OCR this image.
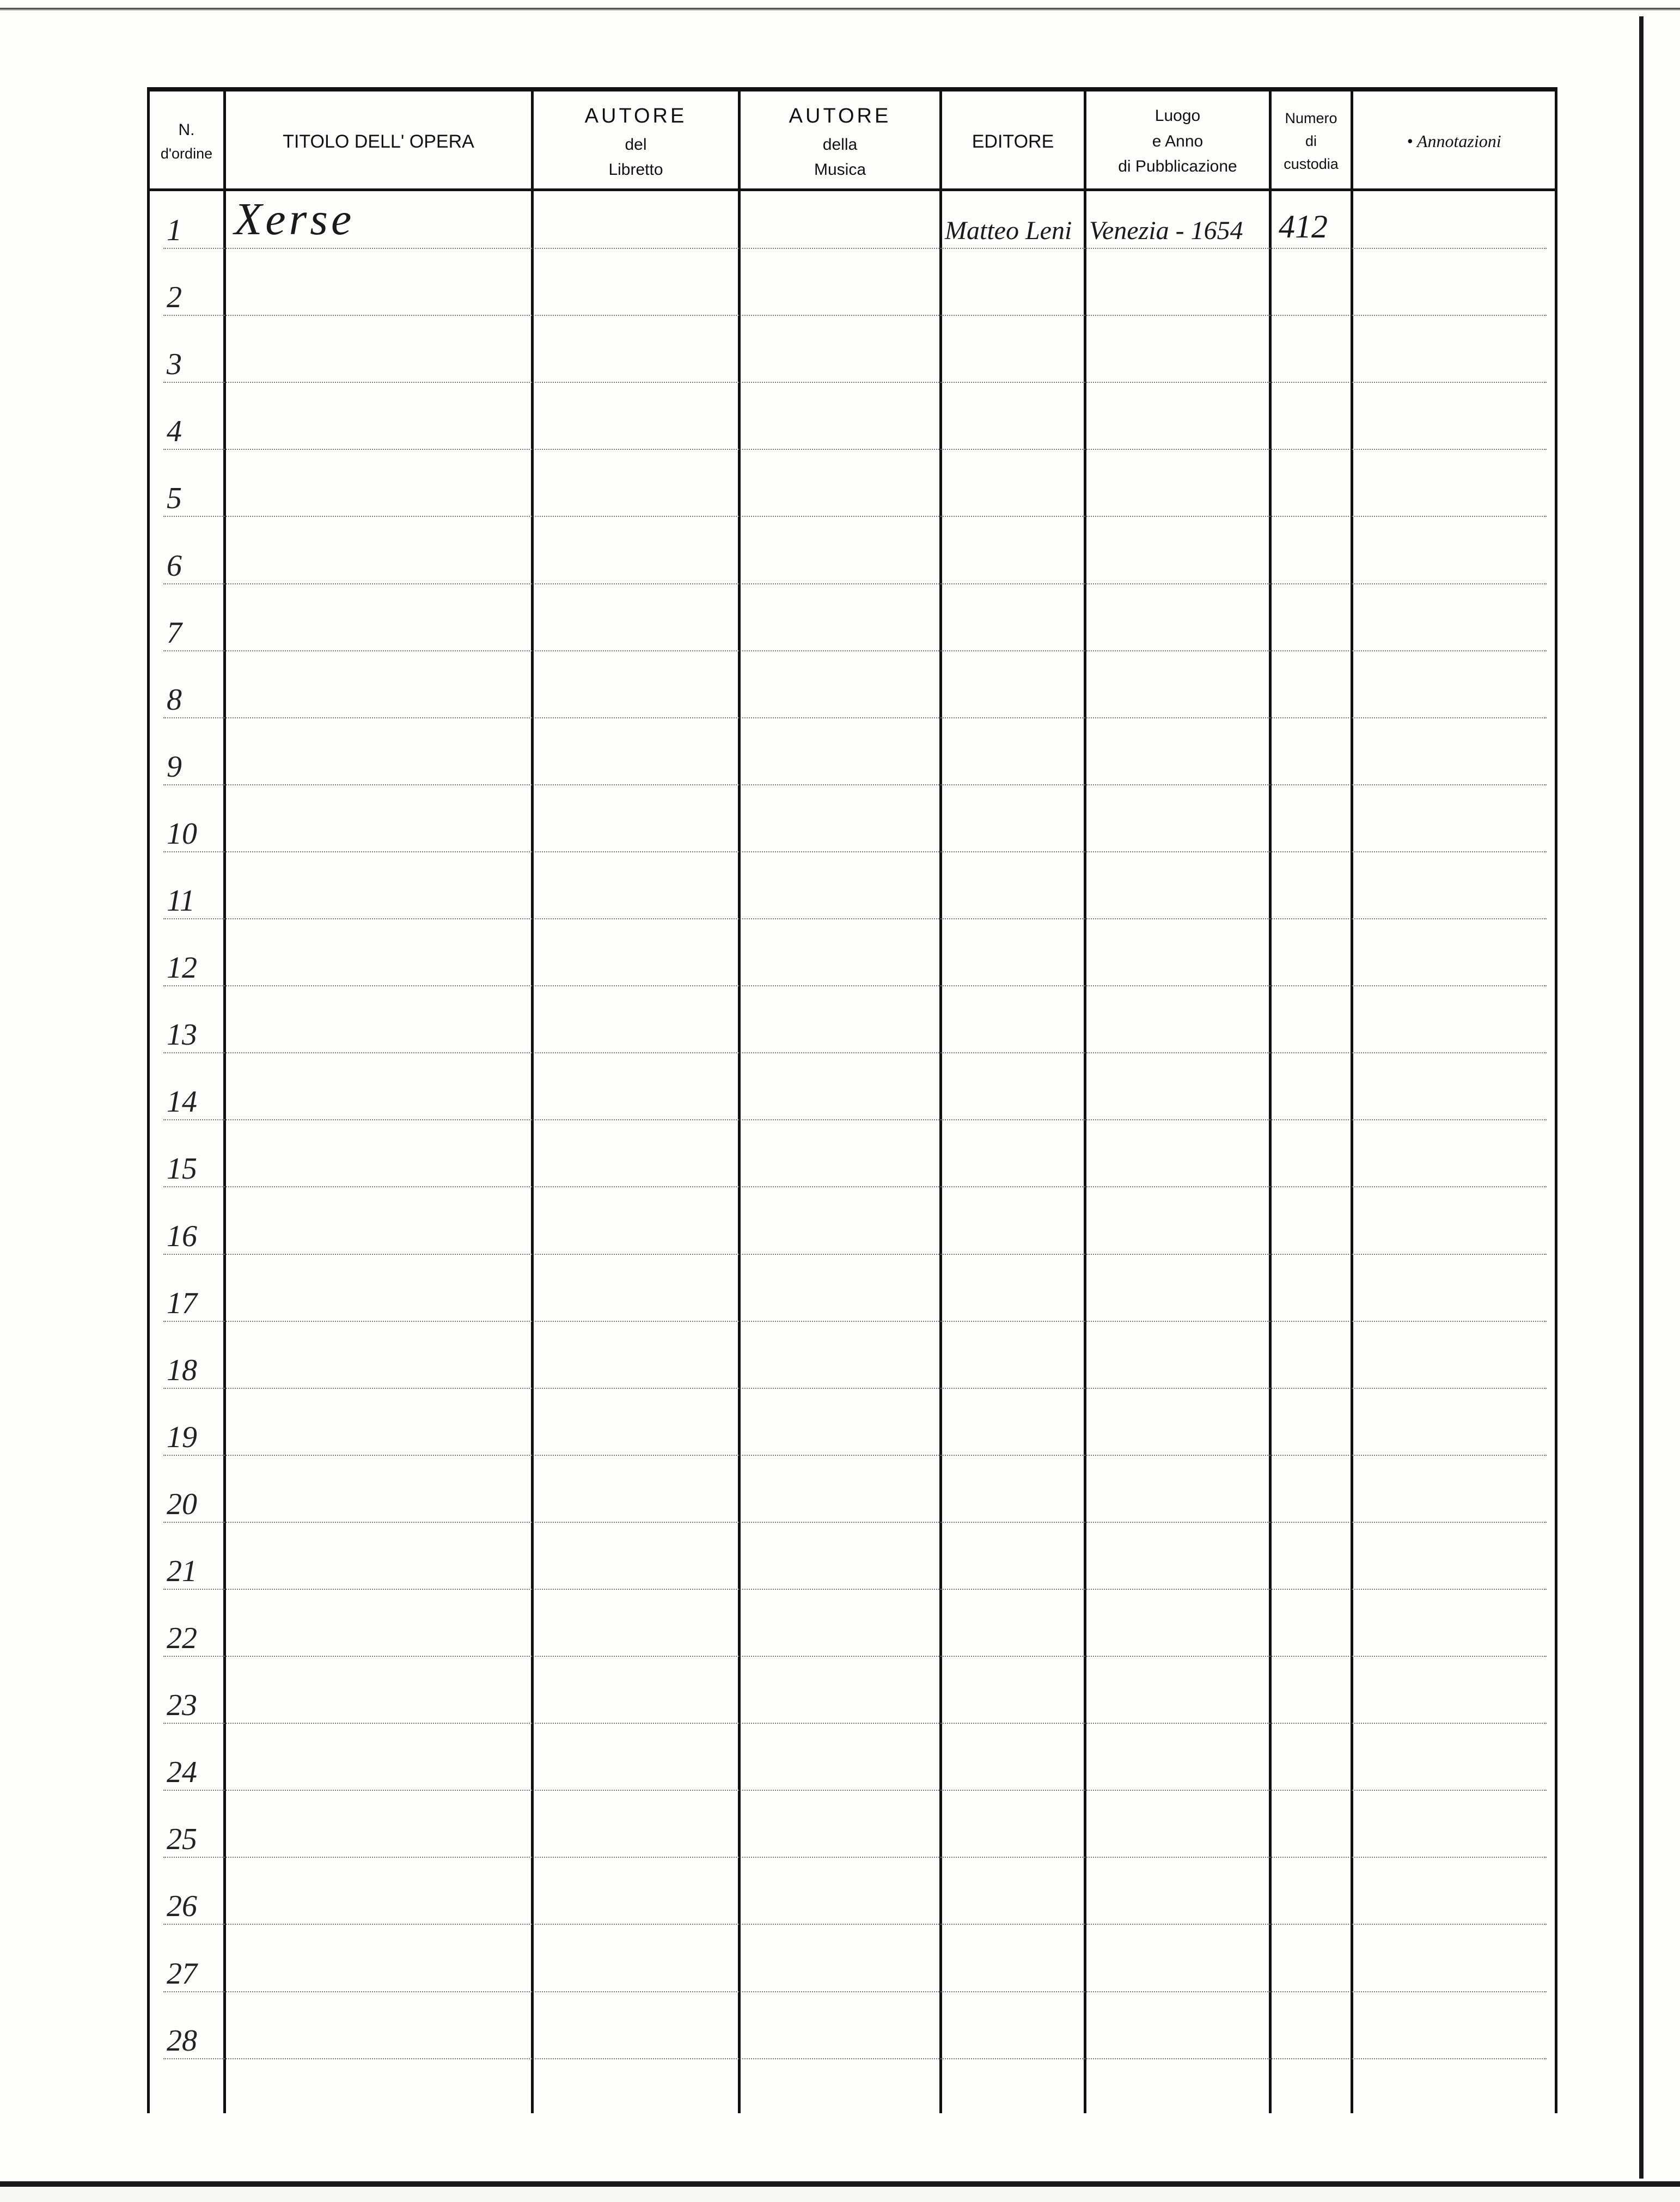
N.
d'ordine
TITOLO DELL' OPERA
AUTORE
del
Libretto
AUTORE
della
Musica
EDITORE
Luogo
e Anno
di Pubblicazione
Numero
di
custodia
• Annotazioni
1	Xerse	Matteo Leni Venezia - 1654 412
2
3
4
5
6
7
8
9
10
11
12
13
14
15
16
17
18
19
20
21
22
23
24
25
26
27
28
